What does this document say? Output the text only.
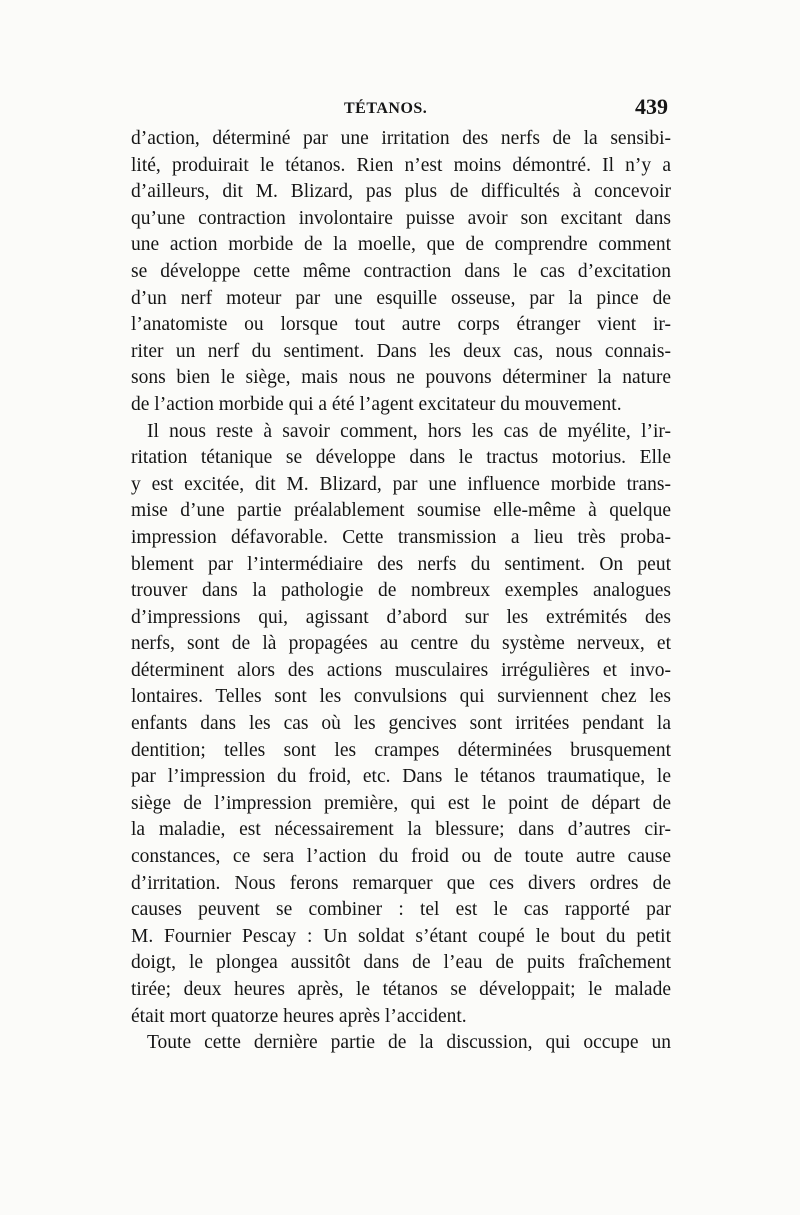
TÉTANOS.	439
d’action, déterminé par une irritation des nerfs de la sensibi-
lité, produirait le tétanos. Rien n’est moins démontré. Il n’y a
d’ailleurs, dit M. Blizard, pas plus de difficultés à concevoir
qu’une contraction involontaire puisse avoir son excitant dans
une action morbide de la moelle, que de comprendre comment
se développe cette même contraction dans le cas d’excitation
d’un nerf moteur par une esquille osseuse, par la pince de
l’anatomiste ou lorsque tout autre corps étranger vient ir-
riter un nerf du sentiment. Dans les deux cas, nous connais-
sons bien le siège, mais nous ne pouvons déterminer la nature
de l’action morbide qui a été l’agent excitateur du mouvement.
Il nous reste à savoir comment, hors les cas de myélite, l’ir-
ritation tétanique se développe dans le tractus motorius. Elle
y est excitée, dit M. Blizard, par une influence morbide trans-
mise d’une partie préalablement soumise elle-même à quelque
impression défavorable. Cette transmission a lieu très proba-
blement par l’intermédiaire des nerfs du sentiment. On peut
trouver dans la pathologie de nombreux exemples analogues
d’impressions qui, agissant d’abord sur les extrémités des
nerfs, sont de là propagées au centre du système nerveux, et
déterminent alors des actions musculaires irrégulières et invo-
lontaires. Telles sont les convulsions qui surviennent chez les
enfants dans les cas où les gencives sont irritées pendant la
dentition; telles sont les crampes déterminées brusquement
par l’impression du froid, etc. Dans le tétanos traumatique, le
siège de l’impression première, qui est le point de départ de
la maladie, est nécessairement la blessure; dans d’autres cir-
constances, ce sera l’action du froid ou de toute autre cause
d’irritation. Nous ferons remarquer que ces divers ordres de
causes peuvent se combiner : tel est le cas rapporté par
M. Fournier Pescay : Un soldat s’étant coupé le bout du petit
doigt, le plongea aussitôt dans de l’eau de puits fraîchement
tirée; deux heures après, le tétanos se développait; le malade
était mort quatorze heures après l’accident.
Toute cette dernière partie de la discussion, qui occupe un
